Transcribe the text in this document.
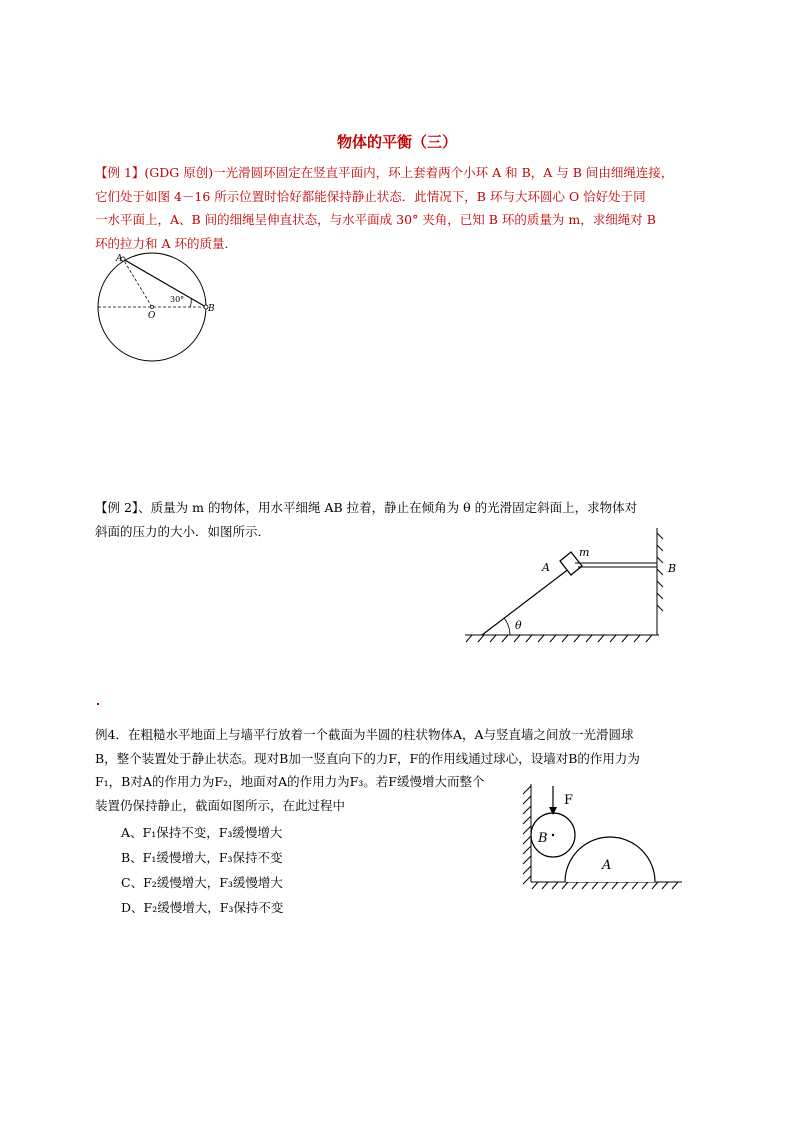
物体的平衡（三）
【例 1】(GDG 原创)一光滑圆环固定在竖直平面内，环上套着两个小环 A 和 B，A 与 B 间由细绳连接，
它们处于如图 4－16 所示位置时恰好都能保持静止状态．此情况下，B 环与大环圆心 O 恰好处于同
一水平面上，A、B 间的细绳呈伸直状态，与水平面成 30° 夹角，已知 B 环的质量为 m，求细绳对 B
环的拉力和 A 环的质量．
A
B
O
30°
【例 2】、质量为 m 的物体，用水平细绳 AB 拉着，静止在倾角为 θ 的光滑固定斜面上，求物体对
斜面的压力的大小．如图所示．
A
m
B
θ
例4．在粗糙水平地面上与墙平行放着一个截面为半圆的柱状物体A，A与竖直墙之间放一光滑圆球
B，整个装置处于静止状态。现对B加一竖直向下的力F，F的作用线通过球心，设墙对B的作用力为
F₁，B对A的作用力为F₂，地面对A的作用力为F₃。若F缓慢增大而整个
装置仍保持静止，截面如图所示，在此过程中
A、F₁保持不变，F₃缓慢增大
B、F₁缓慢增大，F₃保持不变
C、F₂缓慢增大，F₃缓慢增大
D、F₂缓慢增大，F₃保持不变
F
B
A
